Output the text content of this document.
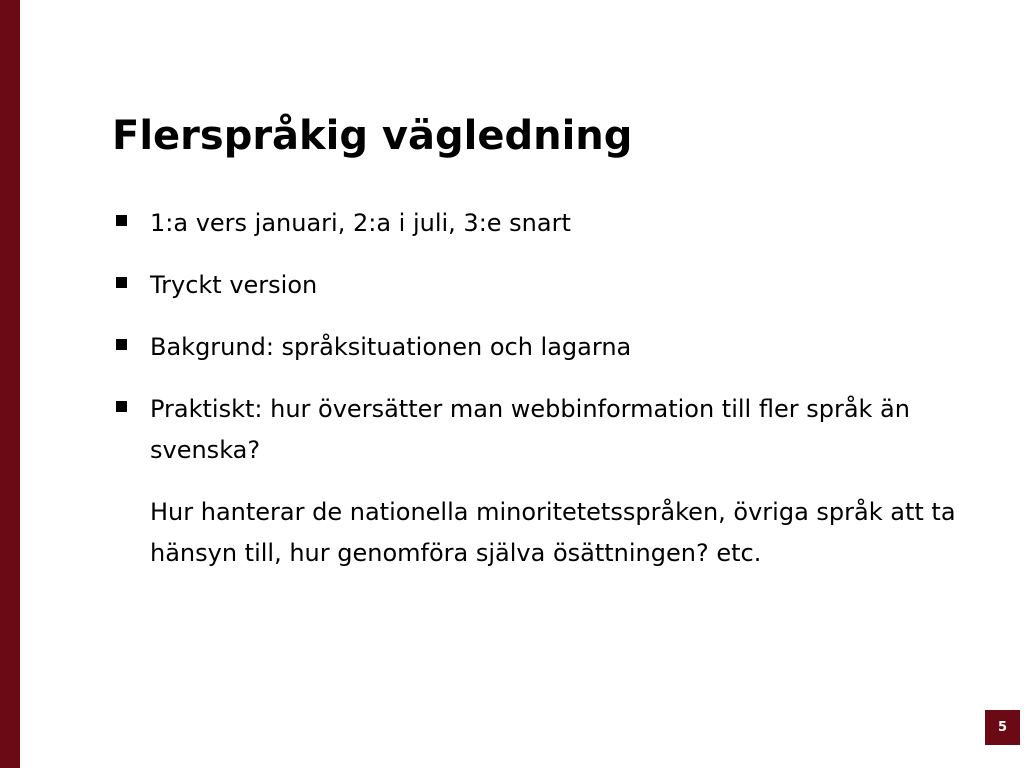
Flerspråkig vägledning
1:a vers januari, 2:a i juli, 3:e snart
Tryckt version
Bakgrund: språksituationen och lagarna
Praktiskt: hur översätter man webbinformation till fler språk än svenska?

Hur hanterar de nationella minoritetetsspråken, övriga språk att ta hänsyn till, hur genomföra själva ösättningen? etc.

5
